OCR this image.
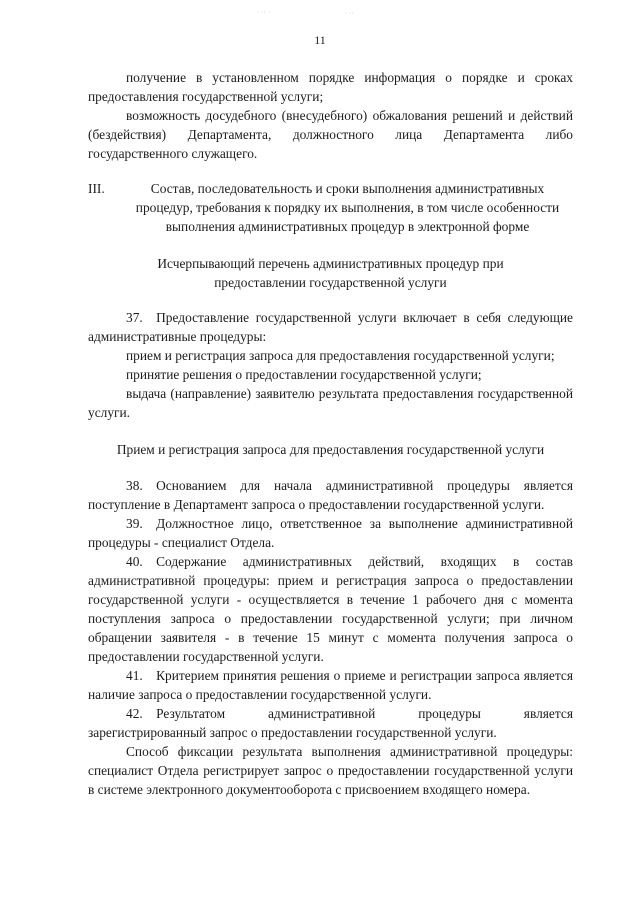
˙ ˙˙ ˙	˙ ˙˙
11

получение в установленном порядке информация о порядке и сроках предоставления государственной услуги;

возможность досудебного (внесудебного) обжалования решений и действий (бездействия) Департамента, должностного лица Департамента либо государственного служащего.

III.	Состав, последовательность и сроки выполнения административных процедур, требования к порядку их выполнения, в том числе особенности выполнения административных процедур в электронной форме

Исчерпывающий перечень административных процедур при предоставлении государственной услуги

37. Предоставление государственной услуги включает в себя следующие административные процедуры:

прием и регистрация запроса для предоставления государственной услуги;

принятие решения о предоставлении государственной услуги;

выдача (направление) заявителю результата предоставления государственной услуги.

Прием и регистрация запроса для предоставления государственной услуги

38. Основанием для начала административной процедуры является поступление в Департамент запроса о предоставлении государственной услуги.

39. Должностное лицо, ответственное за выполнение административной процедуры - специалист Отдела.

40. Содержание административных действий, входящих в состав административной процедуры: прием и регистрация запроса о предоставлении государственной услуги - осуществляется в течение 1 рабочего дня с момента поступления запроса о предоставлении государственной услуги; при личном обращении заявителя - в течение 15 минут с момента получения запроса о предоставлении государственной услуги.

41. Критерием принятия решения о приеме и регистрации запроса является наличие запроса о предоставлении государственной услуги.

42. Результатом административной процедуры является зарегистрированный запрос о предоставлении государственной услуги.

Способ фиксации результата выполнения административной процедуры: специалист Отдела регистрирует запрос о предоставлении государственной услуги в системе электронного документооборота с присвоением входящего номера.
